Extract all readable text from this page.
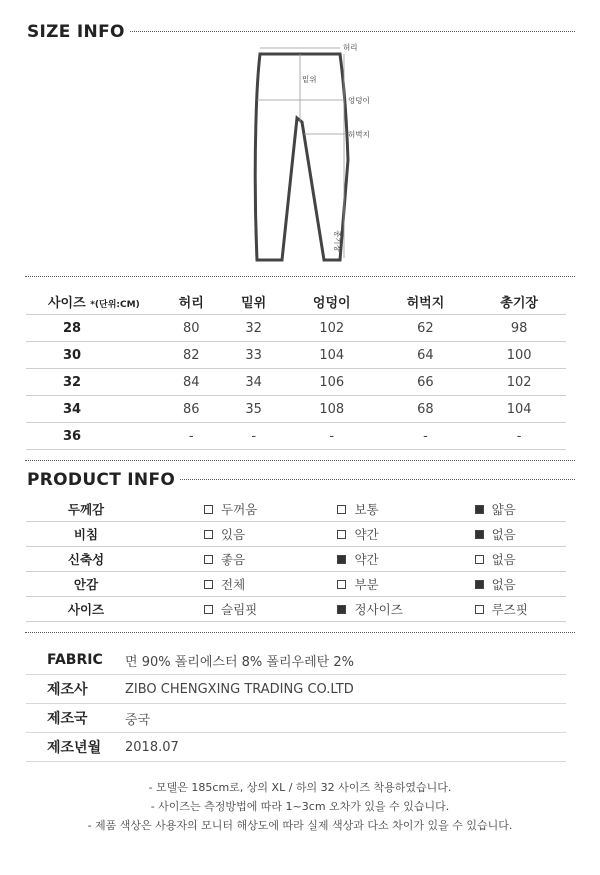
SIZE INFO
허리
밑위
엉덩이
허벅지
총기장
사이즈 *(단위:CM)	허리	밑위	엉덩이	허벅지	총기장
28	80	32	102	62	98
30	82	33	104	64	100
32	84	34	106	66	102
34	86	35	108	68	104
36	-	-	-	-	-
PRODUCT INFO
두께감	두꺼움	보통	얇음

비침	있음	약간	없음

신축성	좋음	약간	없음

안감	전체	부분	없음

사이즈	슬림핏	정사이즈	루즈핏
FABRIC	면 90% 폴리에스터 8% 폴리우레탄 2%
제조사	ZIBO CHENGXING TRADING CO.LTD
제조국	중국
제조년월	2018.07
- 모델은 185cm로, 상의 XL / 하의 32 사이즈 착용하였습니다.
- 사이즈는 측정방법에 따라 1~3cm 오차가 있을 수 있습니다.
- 제품 색상은 사용자의 모니터 해상도에 따라 실제 색상과 다소 차이가 있을 수 있습니다.
